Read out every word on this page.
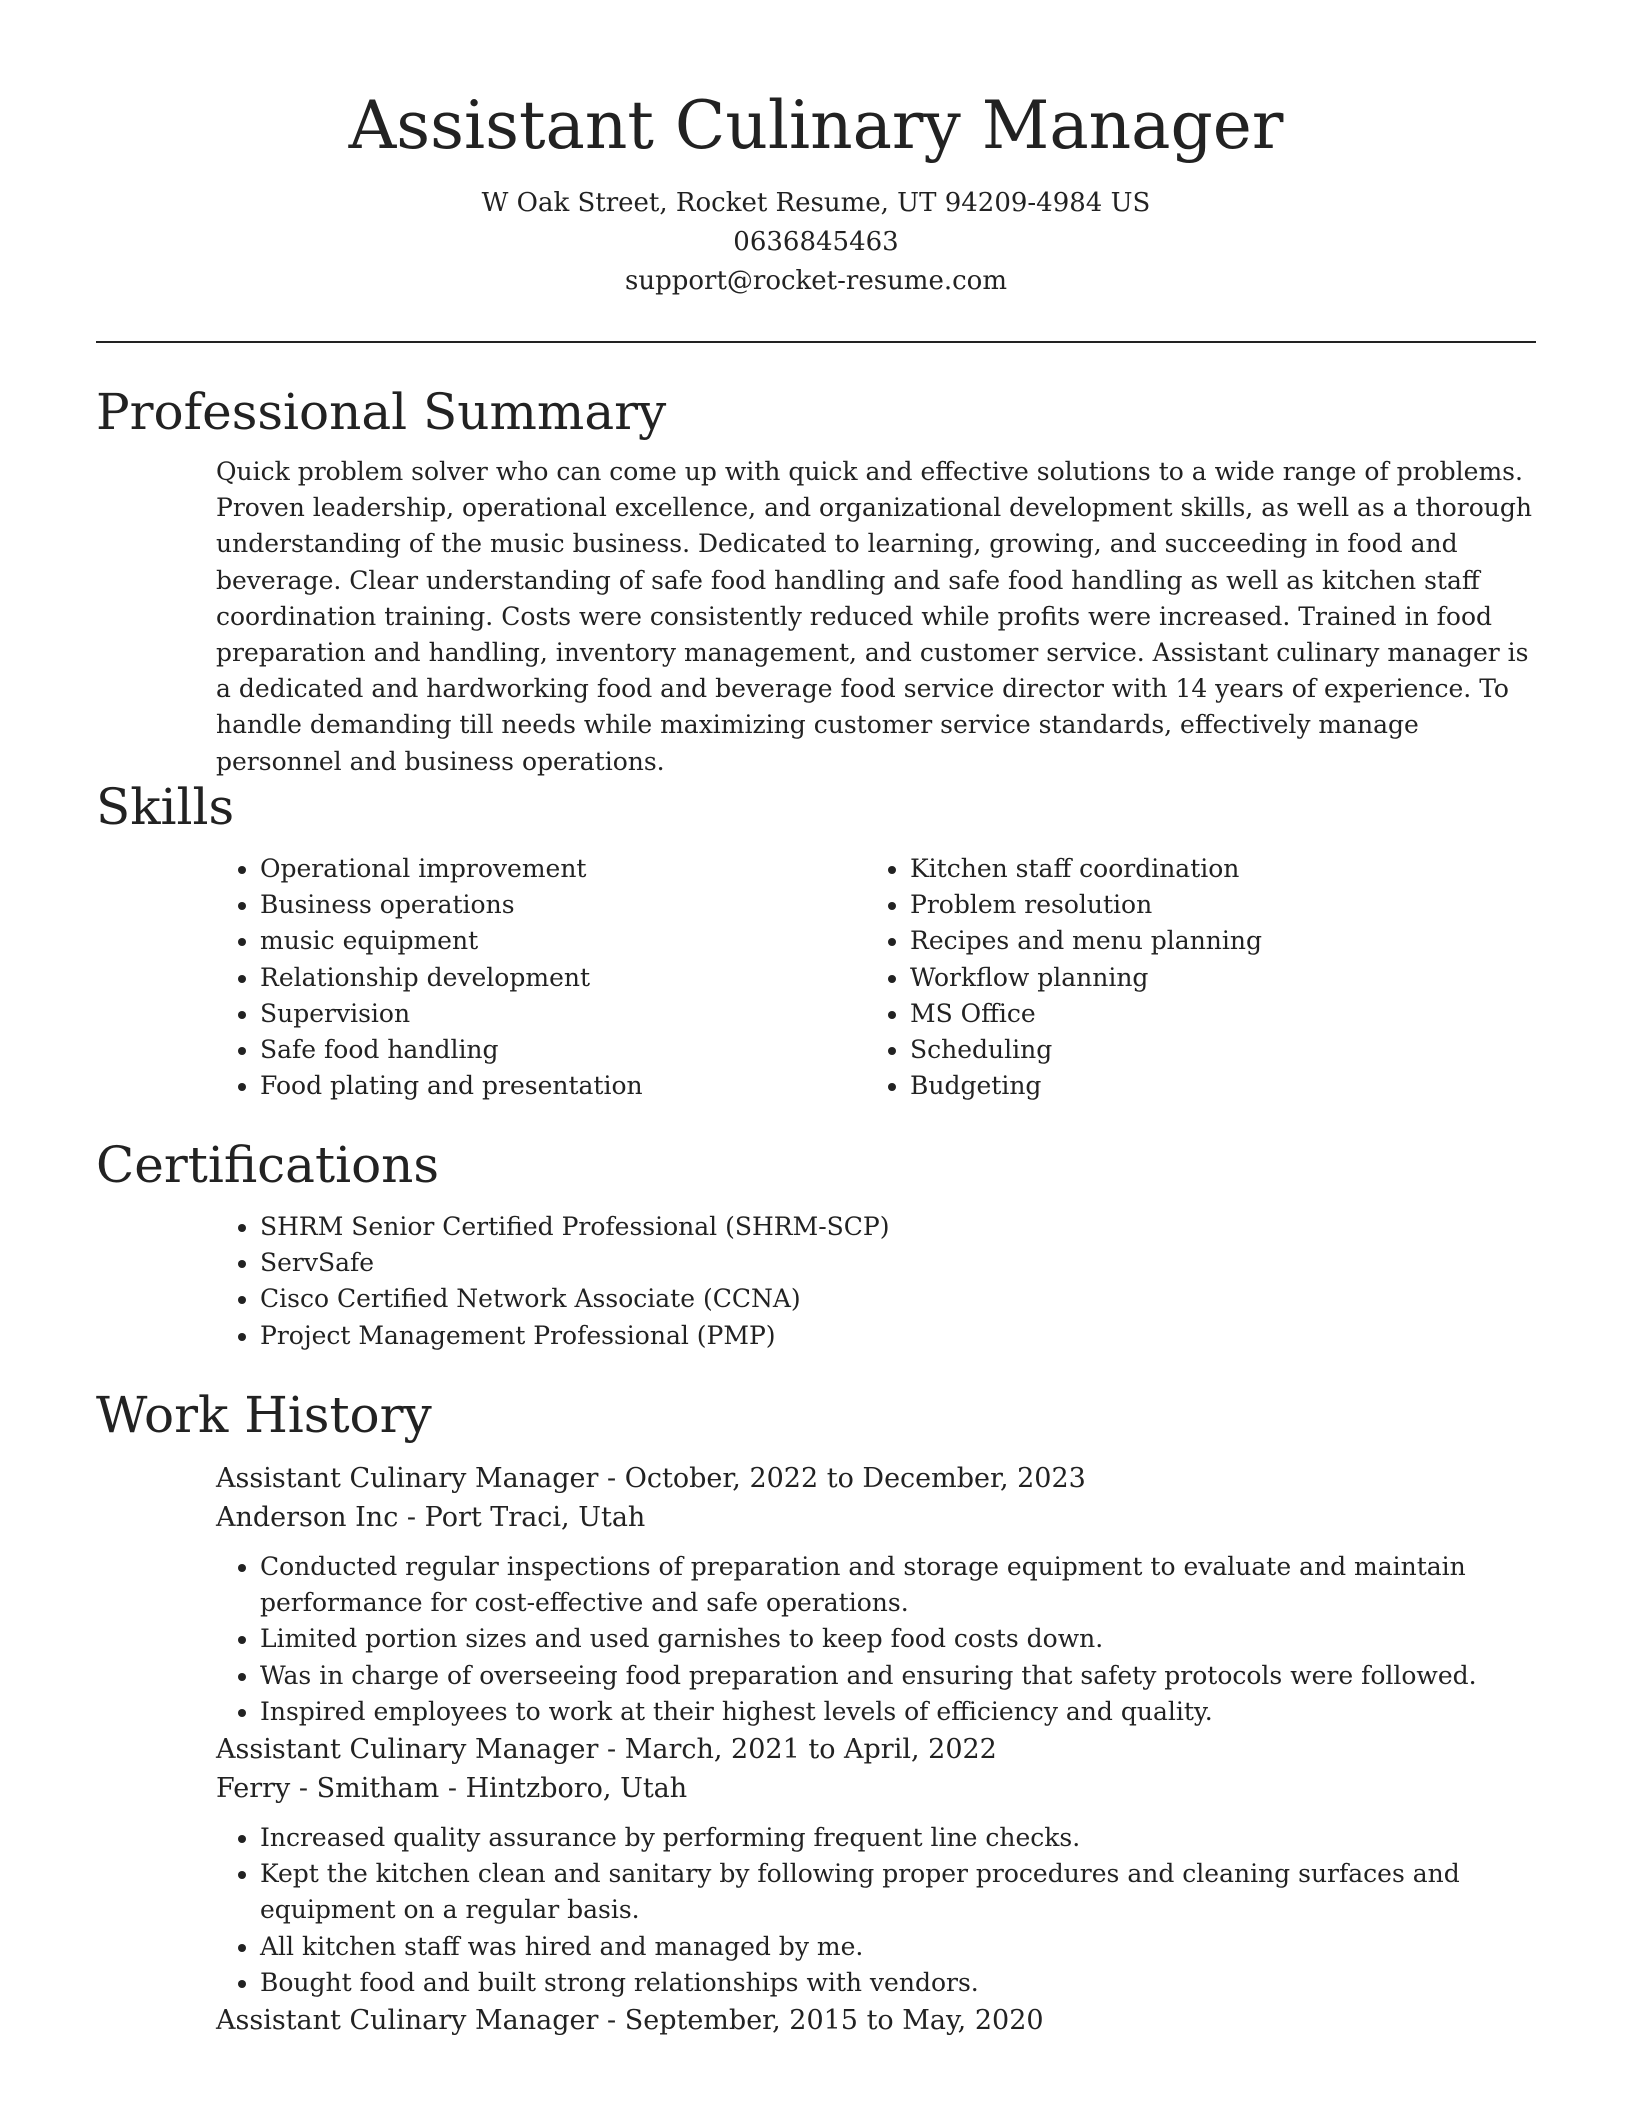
Assistant Culinary Manager
W Oak Street, Rocket Resume, UT 94209-4984 US
0636845463
support@rocket-resume.com
Professional Summary

Quick problem solver who can come up with quick and effective solutions to a wide range of problems. Proven leadership, operational excellence, and organizational development skills, as well as a thorough understanding of the music business. Dedicated to learning, growing, and succeeding in food and beverage. Clear understanding of safe food handling and safe food handling as well as kitchen staff coordination training. Costs were consistently reduced while profits were increased. Trained in food preparation and handling, inventory management, and customer service. Assistant culinary manager is a dedicated and hardworking food and beverage food service director with 14 years of experience. To handle demanding till needs while maximizing customer service standards, effectively manage personnel and business operations.

Skills
• Operational improvement
• Business operations
• music equipment
• Relationship development
• Supervision
• Safe food handling
• Food plating and presentation
• Kitchen staff coordination
• Problem resolution
• Recipes and menu planning
• Workflow planning
• MS Office
• Scheduling
• Budgeting
Certifications
• SHRM Senior Certified Professional (SHRM-SCP)
• ServSafe
• Cisco Certified Network Associate (CCNA)
• Project Management Professional (PMP)
Work History
Assistant Culinary Manager - October, 2022 to December, 2023
Anderson Inc - Port Traci, Utah
• Conducted regular inspections of preparation and storage equipment to evaluate and maintain performance for cost-effective and safe operations.
• Limited portion sizes and used garnishes to keep food costs down.
• Was in charge of overseeing food preparation and ensuring that safety protocols were followed.
• Inspired employees to work at their highest levels of efficiency and quality.
Assistant Culinary Manager - March, 2021 to April, 2022
Ferry - Smitham - Hintzboro, Utah
• Increased quality assurance by performing frequent line checks.
• Kept the kitchen clean and sanitary by following proper procedures and cleaning surfaces and equipment on a regular basis.
• All kitchen staff was hired and managed by me.
• Bought food and built strong relationships with vendors.
Assistant Culinary Manager - September, 2015 to May, 2020
